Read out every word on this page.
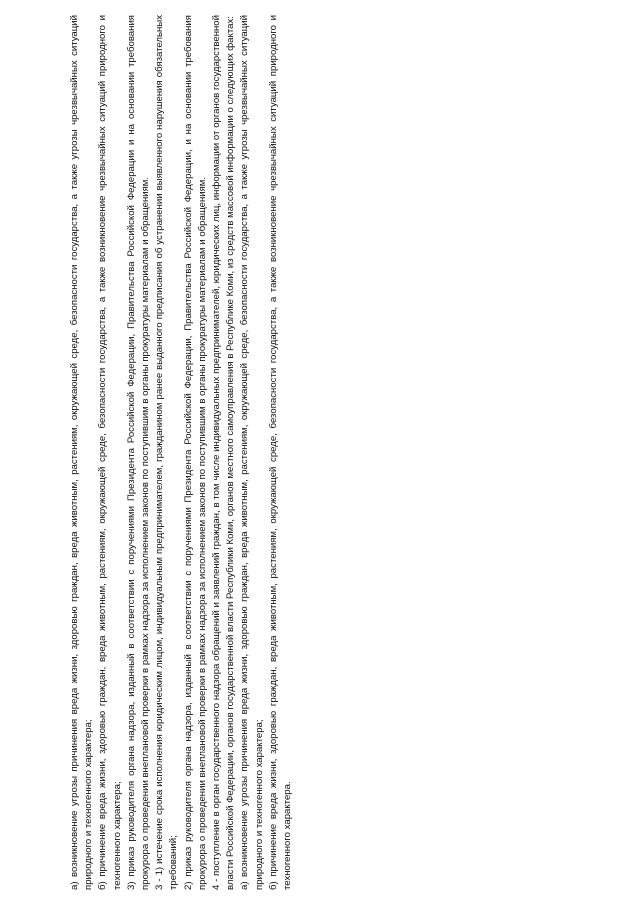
а) возникновение угрозы причинения вреда жизни, здоровью граждан, вреда животным, растениям, окружающей среде, безопасности государства, а также угрозы чрезвычайных ситуаций природного и техногенного характера; б) причинение вреда жизни, здоровью граждан, вреда животным, растениям, окружающей среде, безопасности государства, а также возникновение чрезвычайных ситуаций природного и техногенного характера; 3) приказ руководителя органа надзора, изданный в соответствии с поручениями Президента Российской Федерации, Правительства Российской Федерации и на основании требования прокурора о проведении внеплановой проверки в рамках надзора за исполнением законов по поступившим в органы прокуратуры материалам и обращениям. 3 - 1) истечение срока исполнения юридическим лицом, индивидуальным предпринимателем, гражданином ранее выданного предписания об устранении выявленного нарушения обязательных требований; 2) приказ руководителя органа надзора, изданный в соответствии с поручениями Президента Российской Федерации, Правительства Российской Федерации, и на основании требования прокурора о проведении внеплановой проверки в рамках надзора за исполнением законов по поступившим в органы прокуратуры материалам и обращениям. 4 - поступление в орган государственного надзора обращений и заявлений граждан, в том числе индивидуальных предпринимателей, юридических лиц, информации от органов государственной власти Российской Федерации, органов государственной власти Республики Коми, органов местного самоуправления в Республике Коми, из средств массовой информации о следующих фактах: а) возникновение угрозы причинения вреда жизни, здоровью граждан, вреда животным, растениям, окружающей среде, безопасности государства, а также угрозы чрезвычайных ситуаций природного и техногенного характера; б) причинение вреда жизни, здоровью граждан, вреда животным, растениям, окружающей среде, безопасности государства, а также возникновение чрезвычайных ситуаций природного и техногенного характера.
